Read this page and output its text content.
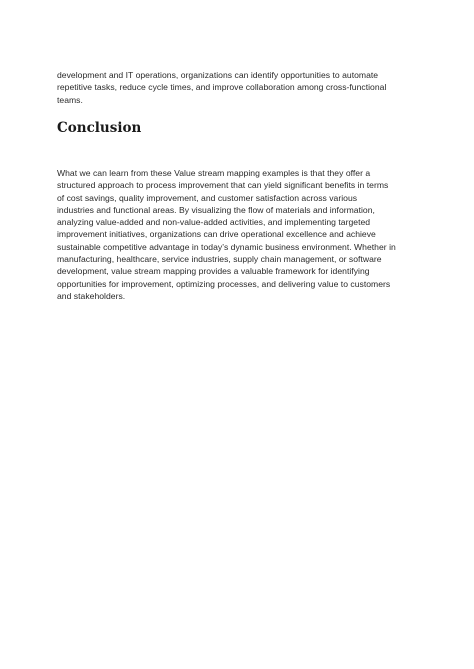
development and IT operations, organizations can identify opportunities to automate
repetitive tasks, reduce cycle times, and improve collaboration among cross-functional
teams.

Conclusion

What we can learn from these Value stream mapping examples is that they offer a
structured approach to process improvement that can yield significant benefits in terms
of cost savings, quality improvement, and customer satisfaction across various
industries and functional areas. By visualizing the flow of materials and information,
analyzing value-added and non-value-added activities, and implementing targeted
improvement initiatives, organizations can drive operational excellence and achieve
sustainable competitive advantage in today’s dynamic business environment. Whether in
manufacturing, healthcare, service industries, supply chain management, or software
development, value stream mapping provides a valuable framework for identifying
opportunities for improvement, optimizing processes, and delivering value to customers
and stakeholders.
